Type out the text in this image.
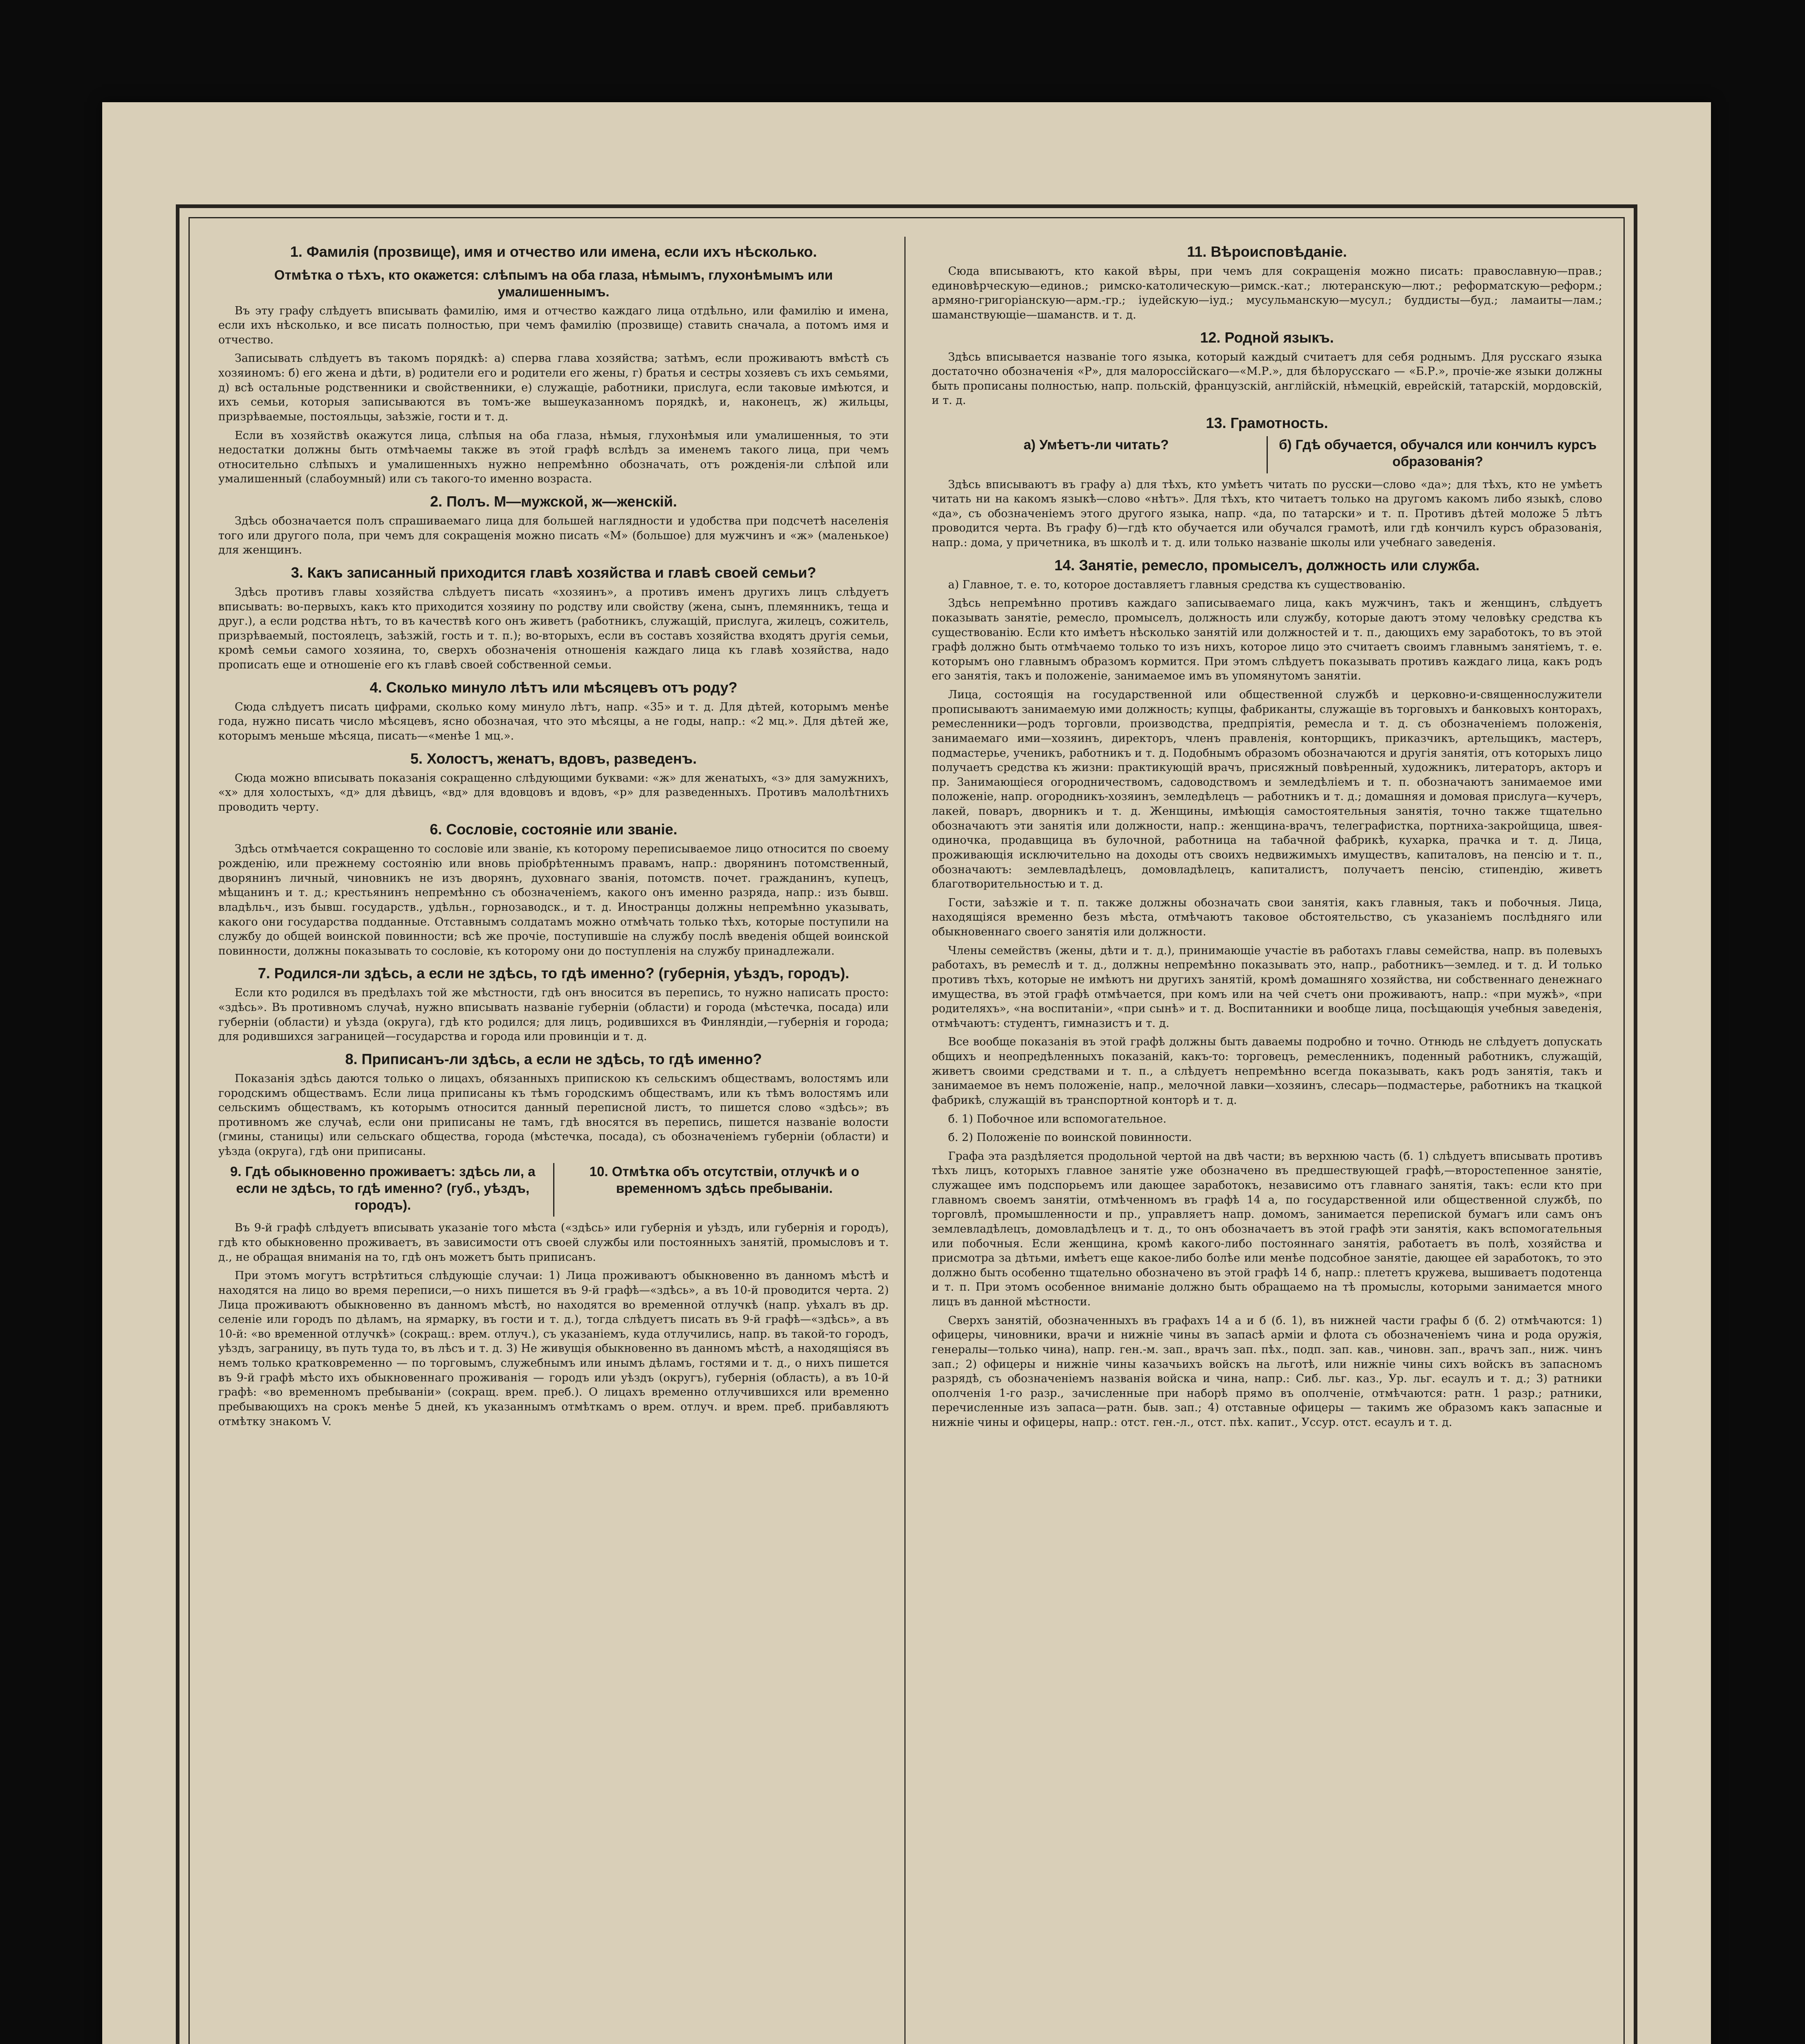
1. Фамилія (прозвище), имя и отчество или имена, если ихъ нѣсколько.
Отмѣтка о тѣхъ, кто окажется: слѣпымъ на оба глаза, нѣмымъ, глухонѣмымъ или умалишеннымъ.

Въ эту графу слѣдуетъ вписывать фамилію, имя и отчество каждаго лица отдѣльно, или фамилію и имена, если ихъ нѣсколько, и все писать полностью, при чемъ фамилію (прозвище) ставить сначала, а потомъ имя и отчество.

Записывать слѣдуетъ въ такомъ порядкѣ: а) сперва глава хозяйства; затѣмъ, если проживаютъ вмѣстѣ съ хозяиномъ: б) его жена и дѣти, в) родители его и родители его жены, г) братья и сестры хозяевъ съ ихъ семьями, д) всѣ остальные родственники и свойственники, е) служащіе, работники, прислуга, если таковые имѣются, и ихъ семьи, которыя записываются въ томъ-же вышеуказанномъ порядкѣ, и, наконецъ, ж) жильцы, призрѣваемые, постояльцы, заѣзжіе, гости и т. д.

Если въ хозяйствѣ окажутся лица, слѣпыя на оба глаза, нѣмыя, глухонѣмыя или умалишенныя, то эти недостатки должны быть отмѣчаемы также въ этой графѣ вслѣдъ за именемъ такого лица, при чемъ относительно слѣпыхъ и умалишенныхъ нужно непремѣнно обозначать, отъ рожденія-ли слѣпой или умалишенный (слабоумный) или съ такого-то именно возраста.

2. Полъ. М—мужской, ж—женскій.

Здѣсь обозначается полъ спрашиваемаго лица для большей наглядности и удобства при подсчетѣ населенія того или другого пола, при чемъ для сокращенія можно писать «М» (большое) для мужчинъ и «ж» (маленькое) для женщинъ.

3. Какъ записанный приходится главѣ хозяйства и главѣ своей семьи?

Здѣсь противъ главы хозяйства слѣдуетъ писать «хозяинъ», а противъ именъ другихъ лицъ слѣдуетъ вписывать: во-первыхъ, какъ кто приходится хозяину по родству или свойству (жена, сынъ, племянникъ, теща и друг.), а если родства нѣтъ, то въ качествѣ кого онъ живетъ (работникъ, служащій, прислуга, жилецъ, сожитель, призрѣваемый, постоялецъ, заѣзжій, гость и т. п.); во-вторыхъ, если въ составъ хозяйства входятъ другія семьи, кромѣ семьи самого хозяина, то, сверхъ обозначенія отношенія каждаго лица къ главѣ хозяйства, надо прописать еще и отношеніе его къ главѣ своей собственной семьи.

4. Сколько минуло лѣтъ или мѣсяцевъ отъ роду?

Сюда слѣдуетъ писать цифрами, сколько кому минуло лѣтъ, напр. «35» и т. д. Для дѣтей, которымъ менѣе года, нужно писать число мѣсяцевъ, ясно обозначая, что это мѣсяцы, а не годы, напр.: «2 мц.». Для дѣтей же, которымъ меньше мѣсяца, писать—«менѣе 1 мц.».

5. Холостъ, женатъ, вдовъ, разведенъ.

Сюда можно вписывать показанія сокращенно слѣдующими буквами: «ж» для женатыхъ, «з» для замужнихъ, «х» для холостыхъ, «д» для дѣвицъ, «вд» для вдовцовъ и вдовъ, «р» для разведенныхъ. Противъ малолѣтнихъ проводить черту.

6. Сословіе, состояніе или званіе.

Здѣсь отмѣчается сокращенно то сословіе или званіе, къ которому переписываемое лицо относится по своему рожденію, или прежнему состоянію или вновь пріобрѣтеннымъ правамъ, напр.: дворянинъ потомственный, дворянинъ личный, чиновникъ не изъ дворянъ, духовнаго званія, потомств. почет. гражданинъ, купецъ, мѣщанинъ и т. д.; крестьянинъ непремѣнно съ обозначеніемъ, какого онъ именно разряда, напр.: изъ бывш. владѣльч., изъ бывш. государств., удѣльн., горнозаводск., и т. д. Иностранцы должны непремѣнно указывать, какого они государства подданные. Отставнымъ солдатамъ можно отмѣчать только тѣхъ, которые поступили на службу до общей воинской повинности; всѣ же прочіе, поступившіе на службу послѣ введенія общей воинской повинности, должны показывать то сословіе, къ которому они до поступленія на службу принадлежали.

7. Родился-ли здѣсь, а если не здѣсь, то гдѣ именно? (губернія, уѣздъ, городъ).

Если кто родился въ предѣлахъ той же мѣстности, гдѣ онъ вносится въ перепись, то нужно написать просто: «здѣсь». Въ противномъ случаѣ, нужно вписывать названіе губерніи (области) и города (мѣстечка, посада) или губерніи (области) и уѣзда (округа), гдѣ кто родился; для лицъ, родившихся въ Финляндіи,—губернія и города; для родившихся заграницей—государства и города или провинціи и т. д.

8. Приписанъ-ли здѣсь, а если не здѣсь, то гдѣ именно?

Показанія здѣсь даются только о лицахъ, обязанныхъ припискою къ сельскимъ обществамъ, волостямъ или городскимъ обществамъ. Если лица приписаны къ тѣмъ городскимъ обществамъ, или къ тѣмъ волостямъ или сельскимъ обществамъ, къ которымъ относится данный переписной листъ, то пишется слово «здѣсь»; въ противномъ же случаѣ, если они приписаны не тамъ, гдѣ вносятся въ перепись, пишется названіе волости (гмины, станицы) или сельскаго общества, города (мѣстечка, посада), съ обозначеніемъ губерніи (области) и уѣзда (округа), гдѣ они приписаны.

9. Гдѣ обыкновенно проживаетъ: здѣсь ли, а если не здѣсь, то гдѣ именно? (губ., уѣздъ, городъ).
10. Отмѣтка объ отсутствіи, отлучкѣ и о временномъ здѣсь пребываніи.

Въ 9-й графѣ слѣдуетъ вписывать указаніе того мѣста («здѣсь» или губернія и уѣздъ, или губернія и городъ), гдѣ кто обыкновенно проживаетъ, въ зависимости отъ своей службы или постоянныхъ занятій, промысловъ и т. д., не обращая вниманія на то, гдѣ онъ можетъ быть приписанъ.

При этомъ могутъ встрѣтиться слѣдующіе случаи: 1) Лица проживаютъ обыкновенно въ данномъ мѣстѣ и находятся на лицо во время переписи,—о нихъ пишется въ 9-й графѣ—«здѣсь», а въ 10-й проводится черта. 2) Лица проживаютъ обыкновенно въ данномъ мѣстѣ, но находятся во временной отлучкѣ (напр. уѣхалъ въ др. селеніе или городъ по дѣламъ, на ярмарку, въ гости и т. д.), тогда слѣдуетъ писать въ 9-й графѣ—«здѣсь», а въ 10-й: «во временной отлучкѣ» (сокращ.: врем. отлуч.), съ указаніемъ, куда отлучились, напр. въ такой-то городъ, уѣздъ, заграницу, въ путь туда то, въ лѣсъ и т. д. 3) Не живущія обыкновенно въ данномъ мѣстѣ, а находящіяся въ немъ только кратковременно — по торговымъ, служебнымъ или инымъ дѣламъ, гостями и т. д., о нихъ пишется въ 9-й графѣ мѣсто ихъ обыкновеннаго проживанія — городъ или уѣздъ (округъ), губернія (область), а въ 10-й графѣ: «во временномъ пребываніи» (сокращ. врем. преб.). О лицахъ временно отлучившихся или временно пребывающихъ на срокъ менѣе 5 дней, къ указаннымъ отмѣткамъ о врем. отлуч. и врем. преб. прибавляютъ отмѣтку знакомъ V.

11. Вѣроисповѣданіе.

Сюда вписываютъ, кто какой вѣры, при чемъ для сокращенія можно писать: православную—прав.; единовѣрческую—единов.; римско-католическую—римск.-кат.; лютеранскую—лют.; реформатскую—реформ.; армяно-григоріанскую—арм.-гр.; іудейскую—іуд.; мусульманскую—мусул.; буддисты—буд.; ламаиты—лам.; шаманствующіе—шаманств. и т. д.

12. Родной языкъ.

Здѣсь вписывается названіе того языка, который каждый считаетъ для себя роднымъ. Для русскаго языка достаточно обозначенія «Р», для малороссійскаго—«М.Р.», для бѣлорусскаго — «Б.Р.», прочіе-же языки должны быть прописаны полностью, напр. польскій, французскій, англійскій, нѣмецкій, еврейскій, татарскій, мордовскій, и т. д.

13. Грамотность.
а) Умѣетъ-ли читать?	б) Гдѣ обучается, обучался или кончилъ курсъ образованія?

Здѣсь вписываютъ въ графу а) для тѣхъ, кто умѣетъ читать по русски—слово «да»; для тѣхъ, кто не умѣетъ читать ни на какомъ языкѣ—слово «нѣтъ». Для тѣхъ, кто читаетъ только на другомъ какомъ либо языкѣ, слово «да», съ обозначеніемъ этого другого языка, напр. «да, по татарски» и т. п. Противъ дѣтей моложе 5 лѣтъ проводится черта. Въ графу б)—гдѣ кто обучается или обучался грамотѣ, или гдѣ кончилъ курсъ образованія, напр.: дома, у причетника, въ школѣ и т. д. или только названіе школы или учебнаго заведенія.

14. Занятіе, ремесло, промыселъ, должность или служба.

а) Главное, т. е. то, которое доставляетъ главныя средства къ существованію.

Здѣсь непремѣнно противъ каждаго записываемаго лица, какъ мужчинъ, такъ и женщинъ, слѣдуетъ показывать занятіе, ремесло, промыселъ, должность или службу, которые даютъ этому человѣку средства къ существованію. Если кто имѣетъ нѣсколько занятій или должностей и т. п., дающихъ ему заработокъ, то въ этой графѣ должно быть отмѣчаемо только то изъ нихъ, которое лицо это считаетъ своимъ главнымъ занятіемъ, т. е. которымъ оно главнымъ образомъ кормится. При этомъ слѣдуетъ показывать противъ каждаго лица, какъ родъ его занятія, такъ и положеніе, занимаемое имъ въ упомянутомъ занятіи.

Лица, состоящія на государственной или общественной службѣ и церковно-и-священнослужители прописываютъ занимаемую ими должность; купцы, фабриканты, служащіе въ торговыхъ и банковыхъ конторахъ, ремесленники—родъ торговли, производства, предпріятія, ремесла и т. д. съ обозначеніемъ положенія, занимаемаго ими—хозяинъ, директоръ, членъ правленія, конторщикъ, приказчикъ, артельщикъ, мастеръ, подмастерье, ученикъ, работникъ и т. д. Подобнымъ образомъ обозначаются и другія занятія, отъ которыхъ лицо получаетъ средства къ жизни: практикующій врачъ, присяжный повѣренный, художникъ, литераторъ, акторъ и пр. Занимающіеся огородничествомъ, садоводствомъ и земледѣліемъ и т. п. обозначаютъ занимаемое ими положеніе, напр. огородникъ-хозяинъ, земледѣлецъ — работникъ и т. д.; домашняя и домовая прислуга—кучеръ, лакей, поваръ, дворникъ и т. д. Женщины, имѣющія самостоятельныя занятія, точно также тщательно обозначаютъ эти занятія или должности, напр.: женщина-врачъ, телеграфистка, портниха-закройщица, швея-одиночка, продавщица въ булочной, работница на табачной фабрикѣ, кухарка, прачка и т. д. Лица, проживающія исключительно на доходы отъ своихъ недвижимыхъ имуществъ, капиталовъ, на пенсію и т. п., обозначаютъ: землевладѣлецъ, домовладѣлецъ, капиталистъ, получаетъ пенсію, стипендію, живетъ благотворительностью и т. д.

Гости, заѣзжіе и т. п. также должны обозначать свои занятія, какъ главныя, такъ и побочныя. Лица, находящіяся временно безъ мѣста, отмѣчаютъ таковое обстоятельство, съ указаніемъ послѣдняго или обыкновеннаго своего занятія или должности.

Члены семействъ (жены, дѣти и т. д.), принимающіе участіе въ работахъ главы семейства, напр. въ полевыхъ работахъ, въ ремеслѣ и т. д., должны непремѣнно показывать это, напр., работникъ—землед. и т. д. И только противъ тѣхъ, которые не имѣютъ ни другихъ занятій, кромѣ домашняго хозяйства, ни собственнаго денежнаго имущества, въ этой графѣ отмѣчается, при комъ или на чей счетъ они проживаютъ, напр.: «при мужѣ», «при родителяхъ», «на воспитаніи», «при сынѣ» и т. д. Воспитанники и вообще лица, посѣщающія учебныя заведенія, отмѣчаютъ: студентъ, гимназистъ и т. д.

Все вообще показанія въ этой графѣ должны быть даваемы подробно и точно. Отнюдь не слѣдуетъ допускать общихъ и неопредѣленныхъ показаній, какъ-то: торговецъ, ремесленникъ, поденный работникъ, служащій, живетъ своими средствами и т. п., а слѣдуетъ непремѣнно всегда показывать, какъ родъ занятія, такъ и занимаемое въ немъ положеніе, напр., мелочной лавки—хозяинъ, слесарь—подмастерье, работникъ на ткацкой фабрикѣ, служащій въ транспортной конторѣ и т. д.

б. 1) Побочное или вспомогательное.

б. 2) Положеніе по воинской повинности.

Графа эта раздѣляется продольной чертой на двѣ части; въ верхнюю часть (б. 1) слѣдуетъ вписывать противъ тѣхъ лицъ, которыхъ главное занятіе уже обозначено въ предшествующей графѣ,—второстепенное занятіе, служащее имъ подспорьемъ или дающее заработокъ, независимо отъ главнаго занятія, такъ: если кто при главномъ своемъ занятіи, отмѣченномъ въ графѣ 14 а, по государственной или общественной службѣ, по торговлѣ, промышленности и пр., управляетъ напр. домомъ, занимается перепиской бумагъ или самъ онъ землевладѣлецъ, домовладѣлецъ и т. д., то онъ обозначаетъ въ этой графѣ эти занятія, какъ вспомогательныя или побочныя. Если женщина, кромѣ какого-либо постояннаго занятія, работаетъ въ полѣ, хозяйства и присмотра за дѣтьми, имѣетъ еще какое-либо болѣе или менѣе подсобное занятіе, дающее ей заработокъ, то это должно быть особенно тщательно обозначено въ этой графѣ 14 б, напр.: плететъ кружева, вышиваетъ подотенца и т. п. При этомъ особенное вниманіе должно быть обращаемо на тѣ промыслы, которыми занимается много лицъ въ данной мѣстности.

Сверхъ занятій, обозначенныхъ въ графахъ 14 а и б (б. 1), въ нижней части графы б (б. 2) отмѣчаются: 1) офицеры, чиновники, врачи и нижніе чины въ запасѣ арміи и флота съ обозначеніемъ чина и рода оружія, генералы—только чина), напр. ген.-м. зап., врачъ зап. пѣх., подп. зап. кав., чиновн. зап., врачъ зап., ниж. чинъ зап.; 2) офицеры и нижніе чины казачьихъ войскъ на льготѣ, или нижніе чины сихъ войскъ въ запасномъ разрядѣ, съ обозначеніемъ названія войска и чина, напр.: Сиб. льг. каз., Ур. льг. есаулъ и т. д.; 3) ратники ополченія 1-го разр., зачисленные при наборѣ прямо въ ополченіе, отмѣчаются: ратн. 1 разр.; ратники, перечисленные изъ запаса—ратн. быв. зап.; 4) отставные офицеры — такимъ же образомъ какъ запасные и нижніе чины и офицеры, напр.: отст. ген.-л., отст. пѣх. капит., Уссур. отст. есаулъ и т. д.
